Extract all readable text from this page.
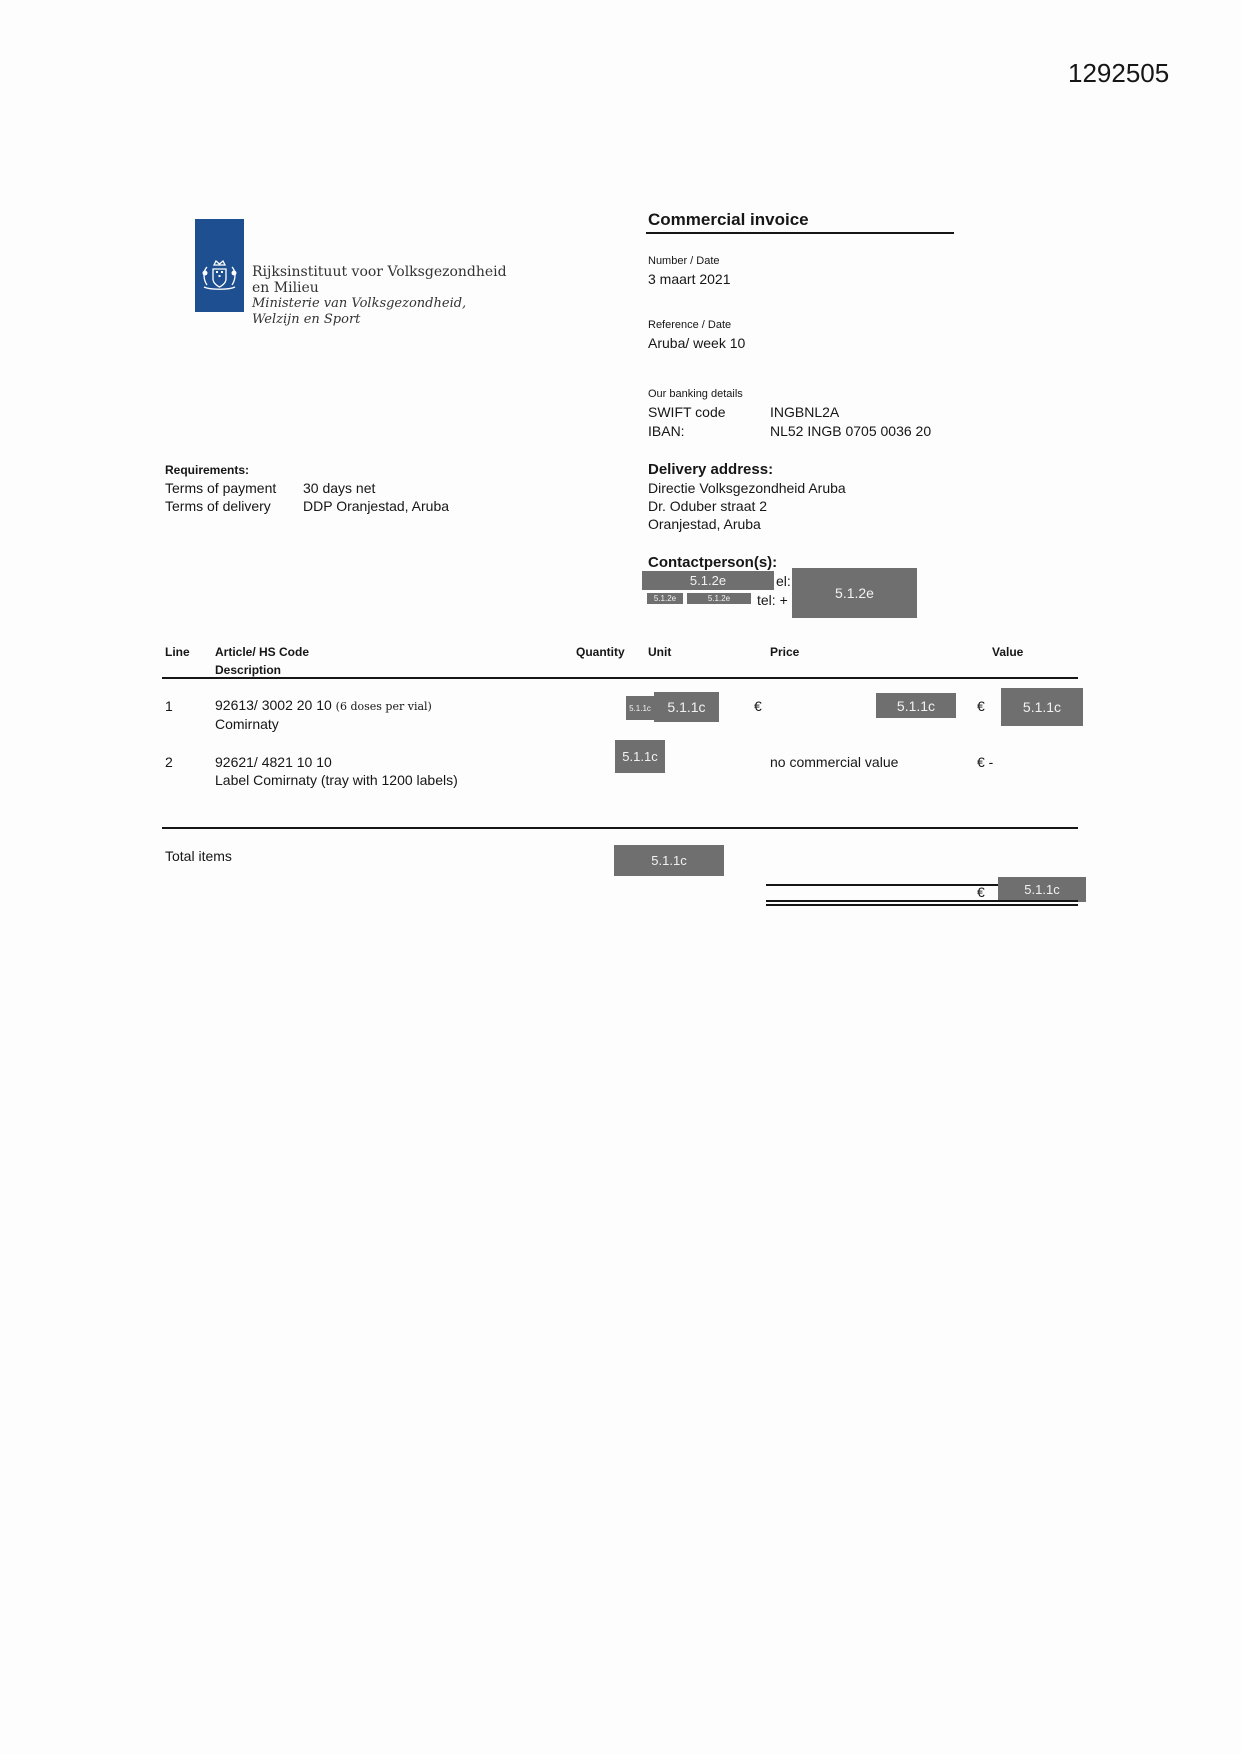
1292505
Rijksinstituut voor Volksgezondheid
en Milieu
Ministerie van Volksgezondheid,
Welzijn en Sport
Commercial invoice
Number / Date
3 maart 2021
Reference / Date
Aruba/ week 10
Our banking details
SWIFT code	INGBNL2A
IBAN:	NL52 INGB 0705 0036 20
Requirements:
Terms of payment 30 days net
Terms of delivery DDP Oranjestad, Aruba
Delivery address:
Directie Volksgezondheid Aruba
Dr. Oduber straat 2
Oranjestad, Aruba
Contactperson(s):
5.1.2e	el:
5.1.2e	5.1.2e	tel: +	5.1.2e
Line Article/ HS Code
Description
Quantity Unit	Price	Value
1	92613/ 3002 20 10 (6 doses per vial)
Comirnaty
5.1.1c	5.1.1c	€	5.1.1c	€	5.1.1c
2	92621/ 4821 10 10
Label Comirnaty (tray with 1200 labels)
5.1.1c	no commercial value	€ -
Total items	5.1.1c
€	5.1.1c
